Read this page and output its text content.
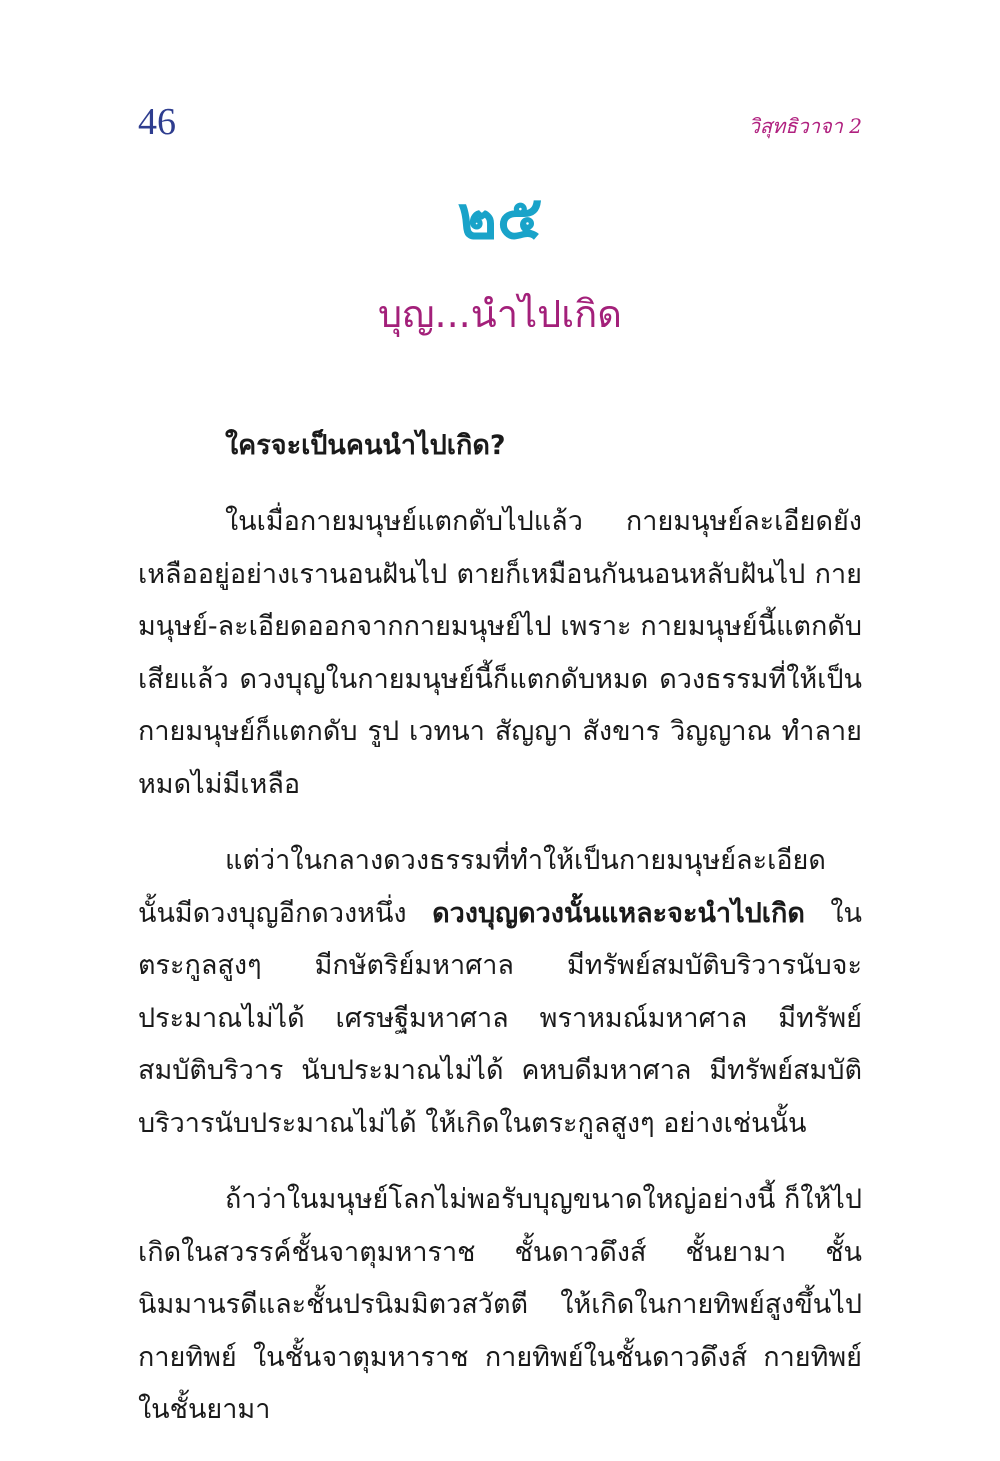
46	วิสุทธิวาจา 2
๒๕
บุญ...นำไปเกิด
ใครจะเป็นคนนำไปเกิด?

ในเมื่อกายมนุษย์แตกดับไปแล้ว กายมนุษย์ละเอียดยังเหลืออยู่อย่างเรานอนฝันไป ตายก็เหมือนกันนอนหลับฝันไป กายมนุษย์-ละเอียดออกจากกายมนุษย์ไป เพราะ กายมนุษย์นี้แตกดับเสียแล้ว ดวงบุญในกายมนุษย์นี้ก็แตกดับหมด ดวงธรรมที่ให้เป็นกายมนุษย์ก็แตกดับ รูป เวทนา สัญญา สังขาร วิญญาณ ทำลายหมดไม่มีเหลือ

แต่ว่าในกลางดวงธรรมที่ทำให้เป็นกายมนุษย์ละเอียดนั้นมีดวงบุญอีกดวงหนึ่ง ดวงบุญดวงนั้นแหละจะนำไปเกิด ในตระกูลสูงๆ มีกษัตริย์มหาศาล มีทรัพย์สมบัติบริวารนับจะประมาณไม่ได้ เศรษฐีมหาศาล พราหมณ์มหาศาล มีทรัพย์สมบัติบริวาร นับประมาณไม่ได้ คหบดีมหาศาล มีทรัพย์สมบัติบริวารนับประมาณไม่ได้ ให้เกิดในตระกูลสูงๆ อย่างเช่นนั้น

ถ้าว่าในมนุษย์โลกไม่พอรับบุญขนาดใหญ่อย่างนี้ ก็ให้ไปเกิดในสวรรค์ชั้นจาตุมหาราช ชั้นดาวดึงส์ ชั้นยามา ชั้นนิมมานรดีและชั้นปรนิมมิตวสวัตตี ให้เกิดในกายทิพย์สูงขึ้นไป กายทิพย์ ในชั้นจาตุมหาราช กายทิพย์ในชั้นดาวดึงส์ กายทิพย์ในชั้นยามา
